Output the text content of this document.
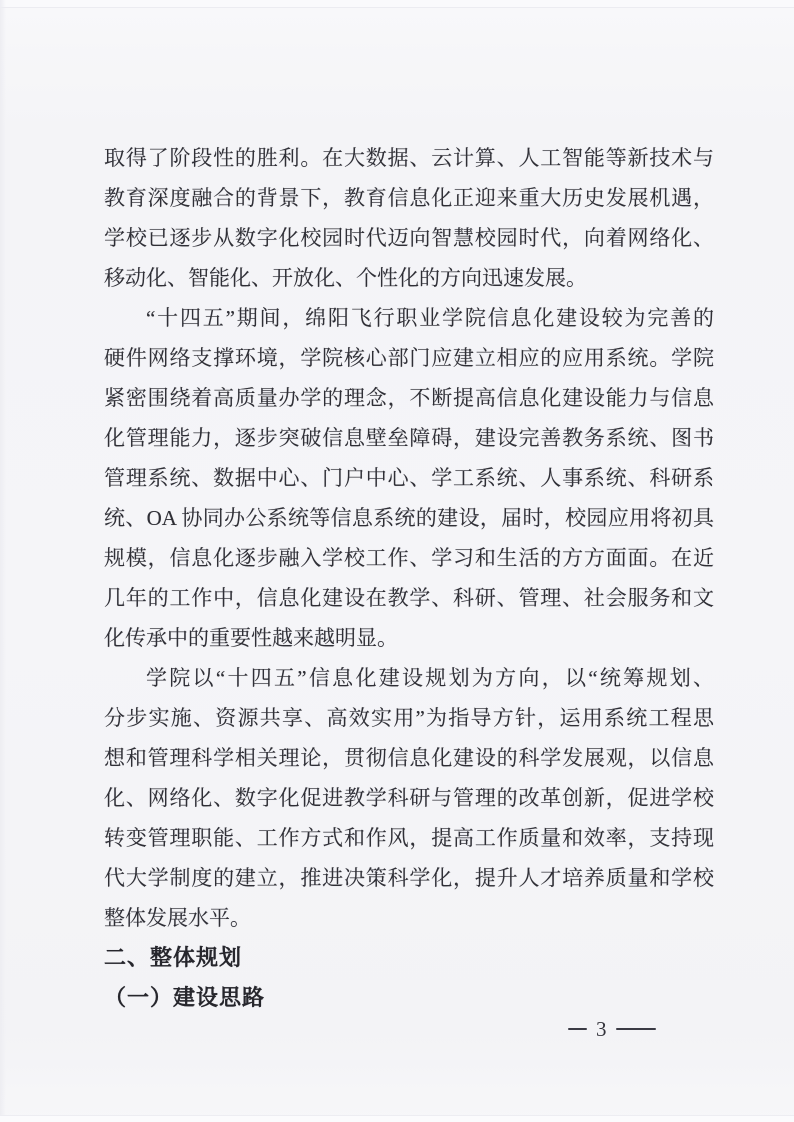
取得了阶段性的胜利。在大数据、云计算、人工智能等新技术与

教育深度融合的背景下，教育信息化正迎来重大历史发展机遇，

学校已逐步从数字化校园时代迈向智慧校园时代，向着网络化、

移动化、智能化、开放化、个性化的方向迅速发展。

“十四五”期间，绵阳飞行职业学院信息化建设较为完善的

硬件网络支撑环境，学院核心部门应建立相应的应用系统。学院

紧密围绕着高质量办学的理念，不断提高信息化建设能力与信息

化管理能力，逐步突破信息壁垒障碍，建设完善教务系统、图书

管理系统、数据中心、门户中心、学工系统、人事系统、科研系

统、OA 协同办公系统等信息系统的建设，届时，校园应用将初具

规模，信息化逐步融入学校工作、学习和生活的方方面面。在近

几年的工作中，信息化建设在教学、科研、管理、社会服务和文

化传承中的重要性越来越明显。

学院以“十四五”信息化建设规划为方向，以“统筹规划、

分步实施、资源共享、高效实用”为指导方针，运用系统工程思

想和管理科学相关理论，贯彻信息化建设的科学发展观，以信息

化、网络化、数字化促进教学科研与管理的改革创新，促进学校

转变管理职能、工作方式和作风，提高工作质量和效率，支持现

代大学制度的建立，推进决策科学化，提升人才培养质量和学校

整体发展水平。

二、整体规划

（一）建设思路

3
